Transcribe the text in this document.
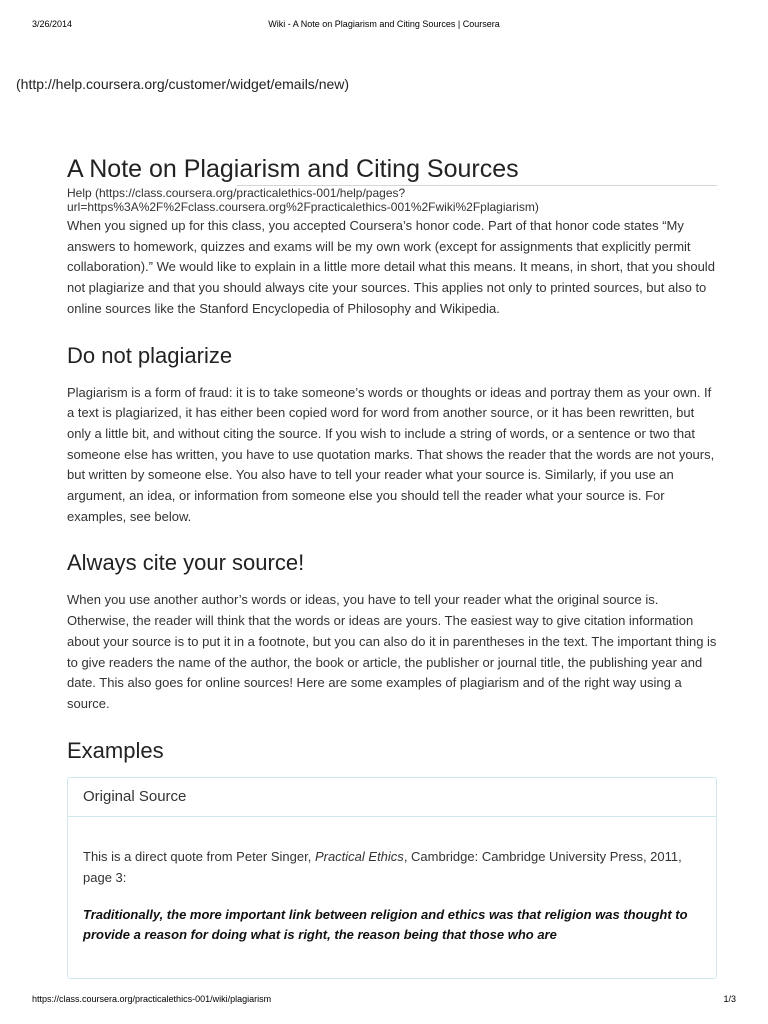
3/26/2014	Wiki - A Note on Plagiarism and Citing Sources | Coursera
(http://help.coursera.org/customer/widget/emails/new)
A Note on Plagiarism and Citing Sources
Help (https://class.coursera.org/practicalethics-001/help/pages?url=https%3A%2F%2Fclass.coursera.org%2Fpracticalethics-001%2Fwiki%2Fplagiarism)

When you signed up for this class, you accepted Coursera’s honor code. Part of that honor code states “My answers to homework, quizzes and exams will be my own work (except for assignments that explicitly permit collaboration).” We would like to explain in a little more detail what this means. It means, in short, that you should not plagiarize and that you should always cite your sources. This applies not only to printed sources, but also to online sources like the Stanford Encyclopedia of Philosophy and Wikipedia.

Do not plagiarize

Plagiarism is a form of fraud: it is to take someone’s words or thoughts or ideas and portray them as your own. If a text is plagiarized, it has either been copied word for word from another source, or it has been rewritten, but only a little bit, and without citing the source. If you wish to include a string of words, or a sentence or two that someone else has written, you have to use quotation marks. That shows the reader that the words are not yours, but written by someone else. You also have to tell your reader what your source is. Similarly, if you use an argument, an idea, or information from someone else you should tell the reader what your source is. For examples, see below.

Always cite your source!

When you use another author’s words or ideas, you have to tell your reader what the original source is. Otherwise, the reader will think that the words or ideas are yours. The easiest way to give citation information about your source is to put it in a footnote, but you can also do it in parentheses in the text. The important thing is to give readers the name of the author, the book or article, the publisher or journal title, the publishing year and date. This also goes for online sources! Here are some examples of plagiarism and of the right way using a source.

Examples
Original Source

This is a direct quote from Peter Singer, Practical Ethics, Cambridge: Cambridge University Press, 2011, page 3:

Traditionally, the more important link between religion and ethics was that religion was thought to provide a reason for doing what is right, the reason being that those who are

https://class.coursera.org/practicalethics-001/wiki/plagiarism	1/3
